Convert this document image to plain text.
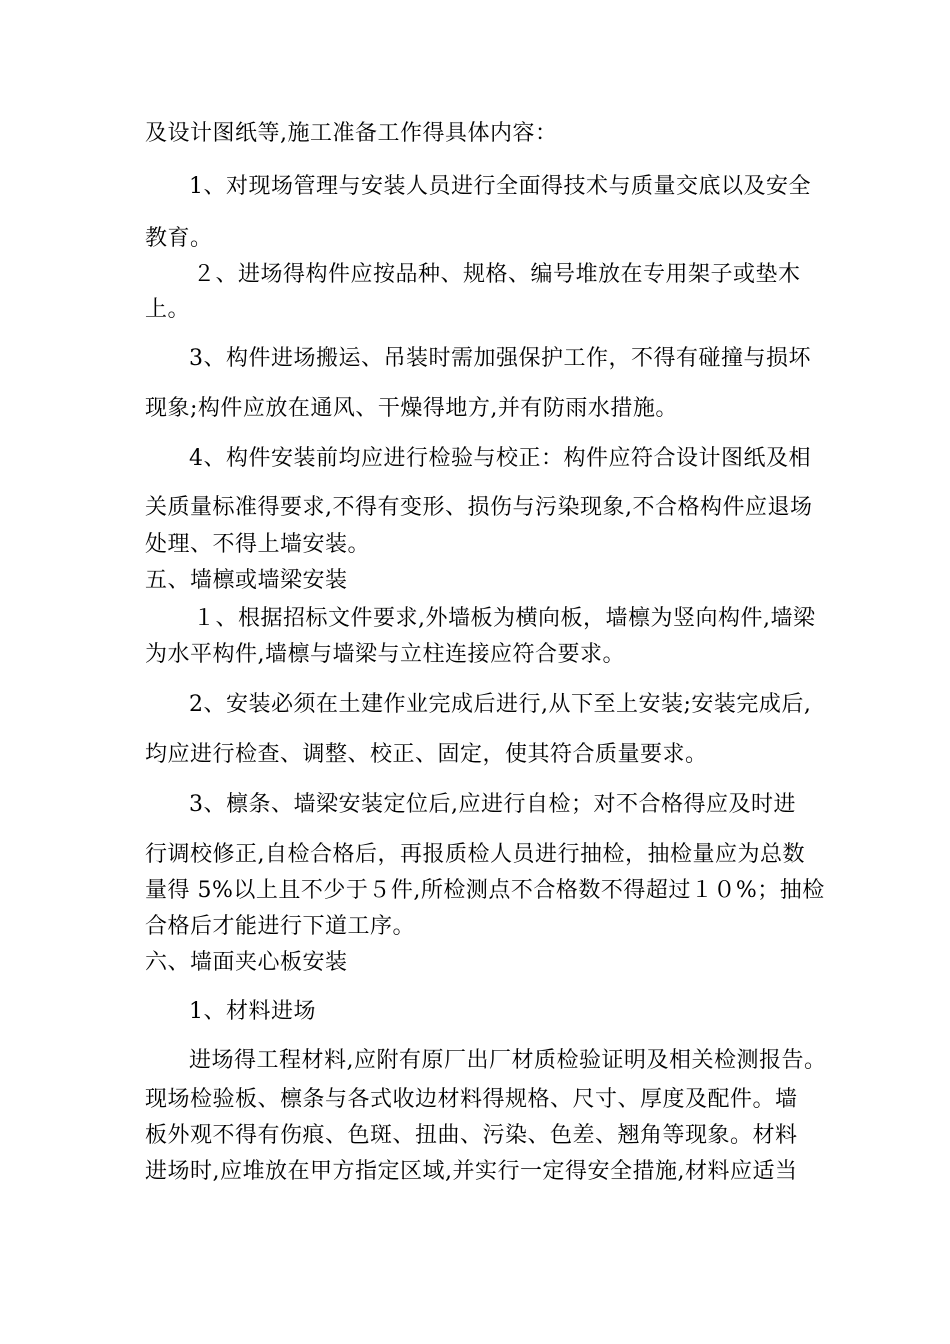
及设计图纸等,施工准备工作得具体内容：
1、对现场管理与安装人员进行全面得技术与质量交底以及安全
教育。
２、进场得构件应按品种、规格、编号堆放在专用架子或垫木
上。
3、构件进场搬运、吊装时需加强保护工作，不得有碰撞与损坏
现象;构件应放在通风、干燥得地方,并有防雨水措施。
4、构件安装前均应进行检验与校正：构件应符合设计图纸及相
关质量标准得要求,不得有变形、损伤与污染现象,不合格构件应退场
处理、不得上墙安装。
五、墙檩或墙梁安装
１、根据招标文件要求,外墙板为横向板，墙檩为竖向构件,墙梁
为水平构件,墙檩与墙梁与立柱连接应符合要求。
2、安装必须在土建作业完成后进行,从下至上安装;安装完成后,
均应进行检查、调整、校正、固定，使其符合质量要求。
3、檩条、墙梁安装定位后,应进行自检；对不合格得应及时进
行调校修正,自检合格后，再报质检人员进行抽检，抽检量应为总数
量得 5%以上且不少于５件,所检测点不合格数不得超过１０%；抽检
合格后才能进行下道工序。
六、墙面夹心板安装
1、材料进场
进场得工程材料,应附有原厂出厂材质检验证明及相关检测报告。
现场检验板、檩条与各式收边材料得规格、尺寸、厚度及配件。墙
板外观不得有伤痕、色斑、扭曲、污染、色差、翘角等现象。材料
进场时,应堆放在甲方指定区域,并实行一定得安全措施,材料应适当
